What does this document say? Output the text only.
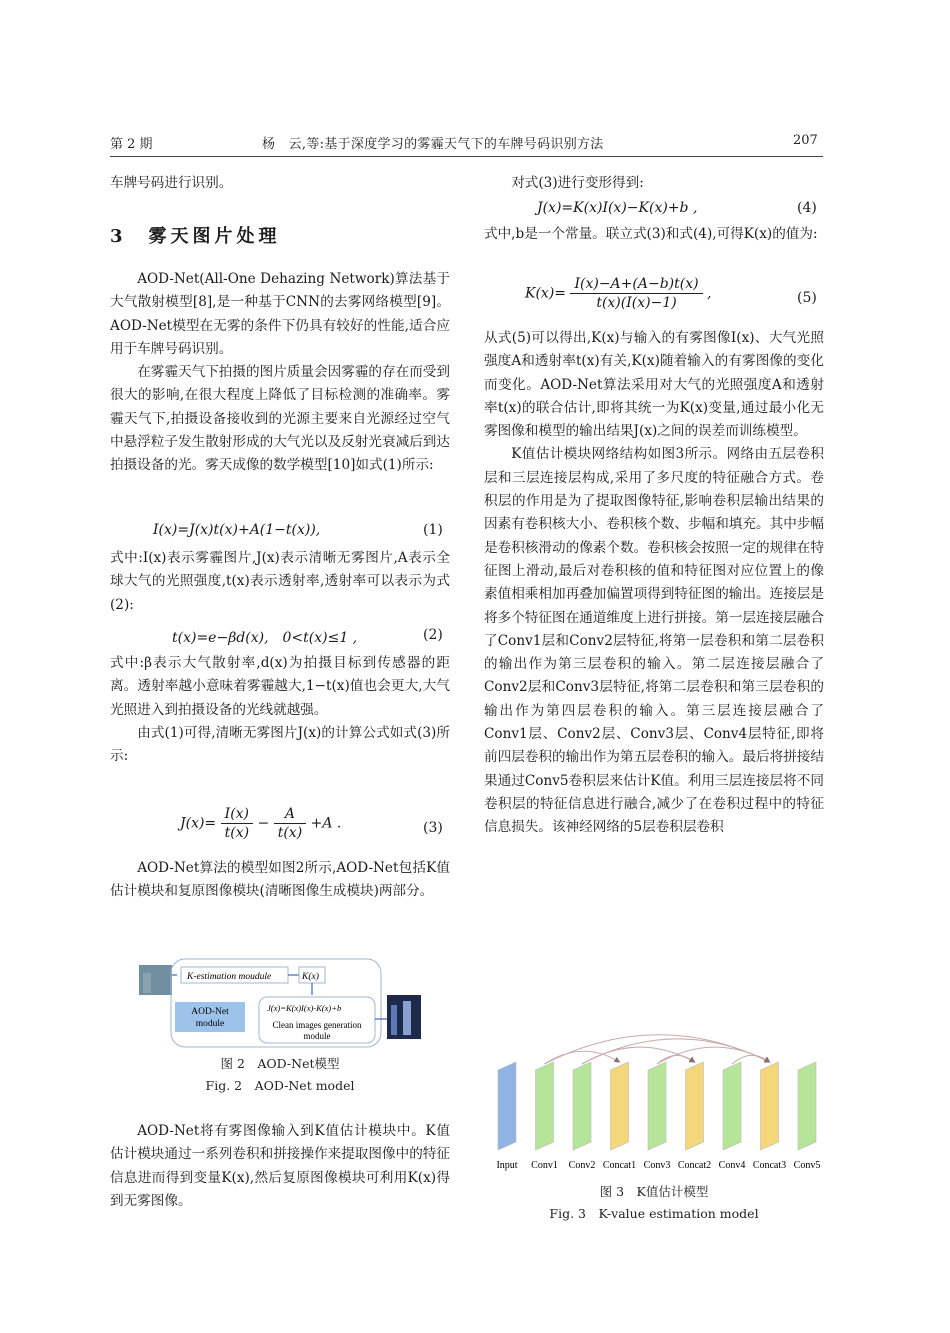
第 2 期	杨　云,等:基于深度学习的雾霾天气下的车牌号码识别方法	207

车牌号码进行识别。

3　雾天图片处理

AOD-Net(All-One Dehazing Network)算法基于大气散射模型[8],是一种基于CNN的去雾网络模型[9]。AOD-Net模型在无雾的条件下仍具有较好的性能,适合应用于车牌号码识别。

在雾霾天气下拍摄的图片质量会因雾霾的存在而受到很大的影响,在很大程度上降低了目标检测的准确率。雾霾天气下,拍摄设备接收到的光源主要来自光源经过空气中悬浮粒子发生散射形成的大气光以及反射光衰减后到达拍摄设备的光。雾天成像的数学模型[10]如式(1)所示:

I(x)=J(x)t(x)+A(1−t(x)),	(1)

式中:I(x)表示雾霾图片,J(x)表示清晰无雾图片,A表示全球大气的光照强度,t(x)表示透射率,透射率可以表示为式(2):

t(x)=e−βd(x),　0<t(x)≤1 ,	(2)

式中:β表示大气散射率,d(x)为拍摄目标到传感器的距离。透射率越小意味着雾霾越大,1−t(x)值也会更大,大气光照进入到拍摄设备的光线就越强。

由式(1)可得,清晰无雾图片J(x)的计算公式如式(3)所示:

$J(x)= \frac{I(x)}{t(x)} - \frac{A}{t(x)} +A$ .	(3)

AOD-Net算法的模型如图2所示,AOD-Net包括K值估计模块和复原图像模块(清晰图像生成模块)两部分。

K-estimation moudule	K(x)
AOD-Net
module
J(x)=K(x)I(x)-K(x)+b
Clean images generation
module
图 2　AOD-Net模型
Fig. 2　AOD-Net model

AOD-Net将有雾图像输入到K值估计模块中。K值估计模块通过一系列卷积和拼接操作来提取图像中的特征信息进而得到变量K(x),然后复原图像模块可利用K(x)得到无雾图像。

对式(3)进行变形得到:

J(x)=K(x)I(x)−K(x)+b ,	(4)

式中,b是一个常量。联立式(3)和式(4),可得K(x)的值为:

$K(x)= \frac{I(x)-A+(A-b)t(x)}{t(x)(I(x)-1)}$ ,	(5)

从式(5)可以得出,K(x)与输入的有雾图像I(x)、大气光照强度A和透射率t(x)有关,K(x)随着输入的有雾图像的变化而变化。AOD-Net算法采用对大气的光照强度A和透射率t(x)的联合估计,即将其统一为K(x)变量,通过最小化无雾图像和模型的输出结果J(x)之间的误差而训练模型。

K值估计模块网络结构如图3所示。网络由五层卷积层和三层连接层构成,采用了多尺度的特征融合方式。卷积层的作用是为了提取图像特征,影响卷积层输出结果的因素有卷积核大小、卷积核个数、步幅和填充。其中步幅是卷积核滑动的像素个数。卷积核会按照一定的规律在特征图上滑动,最后对卷积核的值和特征图对应位置上的像素值相乘相加再叠加偏置项得到特征图的输出。连接层是将多个特征图在通道维度上进行拼接。第一层连接层融合了Conv1层和Conv2层特征,将第一层卷积和第二层卷积的输出作为第三层卷积的输入。第二层连接层融合了Conv2层和Conv3层特征,将第二层卷积和第三层卷积的输出作为第四层卷积的输入。第三层连接层融合了Conv1层、Conv2层、Conv3层、Conv4层特征,即将前四层卷积的输出作为第五层卷积的输入。最后将拼接结果通过Conv5卷积层来估计K值。利用三层连接层将不同卷积层的特征信息进行融合,减少了在卷积过程中的特征信息损失。该神经网络的5层卷积层卷积

Input Conv1 Conv2 Concat1 Conv3 Concat2 Conv4 Concat3 Conv5
图 3　K值估计模型
Fig. 3　K-value estimation model
